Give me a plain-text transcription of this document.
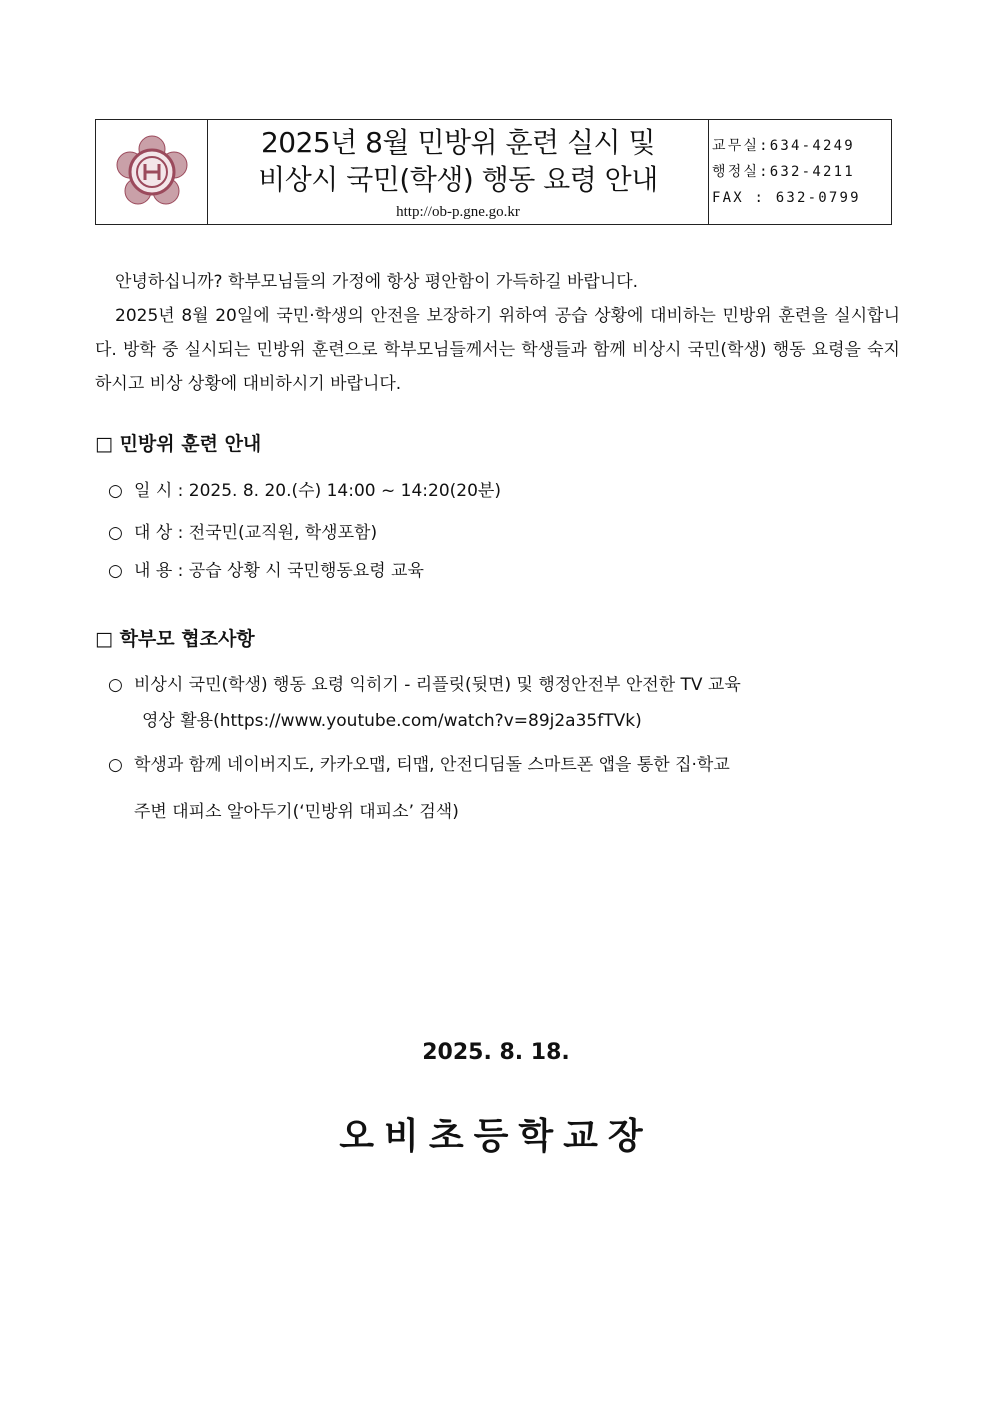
2025년 8월 민방위 훈련 실시 및
비상시 국민(학생) 행동 요령 안내
http://ob-p.gne.go.kr
교무실:634-4249
행정실:632-4211
FAX : 632-0799

안녕하십니까? 학부모님들의 가정에 항상 평안함이 가득하길 바랍니다.

2025년 8월 20일에 국민·학생의 안전을 보장하기 위하여 공습 상황에 대비하는 민방위 훈련을 실시합니다. 방학 중 실시되는 민방위 훈련으로 학부모님들께서는 학생들과 함께 비상시 국민(학생) 행동 요령을 숙지하시고 비상 상황에 대비하시기 바랍니다.

□ 민방위 훈련 안내
○ 일 시 : 2025. 8. 20.(수) 14:00 ~ 14:20(20분)
○ 대 상 : 전국민(교직원, 학생포함)
○ 내 용 : 공습 상황 시 국민행동요령 교육
□ 학부모 협조사항
○ 비상시 국민(학생) 행동 요령 익히기 - 리플릿(뒷면) 및 행정안전부 안전한 TV 교육
영상 활용(https://www.youtube.com/watch?v=89j2a35fTVk)
○ 학생과 함께 네이버지도, 카카오맵, 티맵, 안전디딤돌 스마트폰 앱을 통한 집·학교
주변 대피소 알아두기(‘민방위 대피소’ 검색)
2025. 8. 18.
오비초등학교장
